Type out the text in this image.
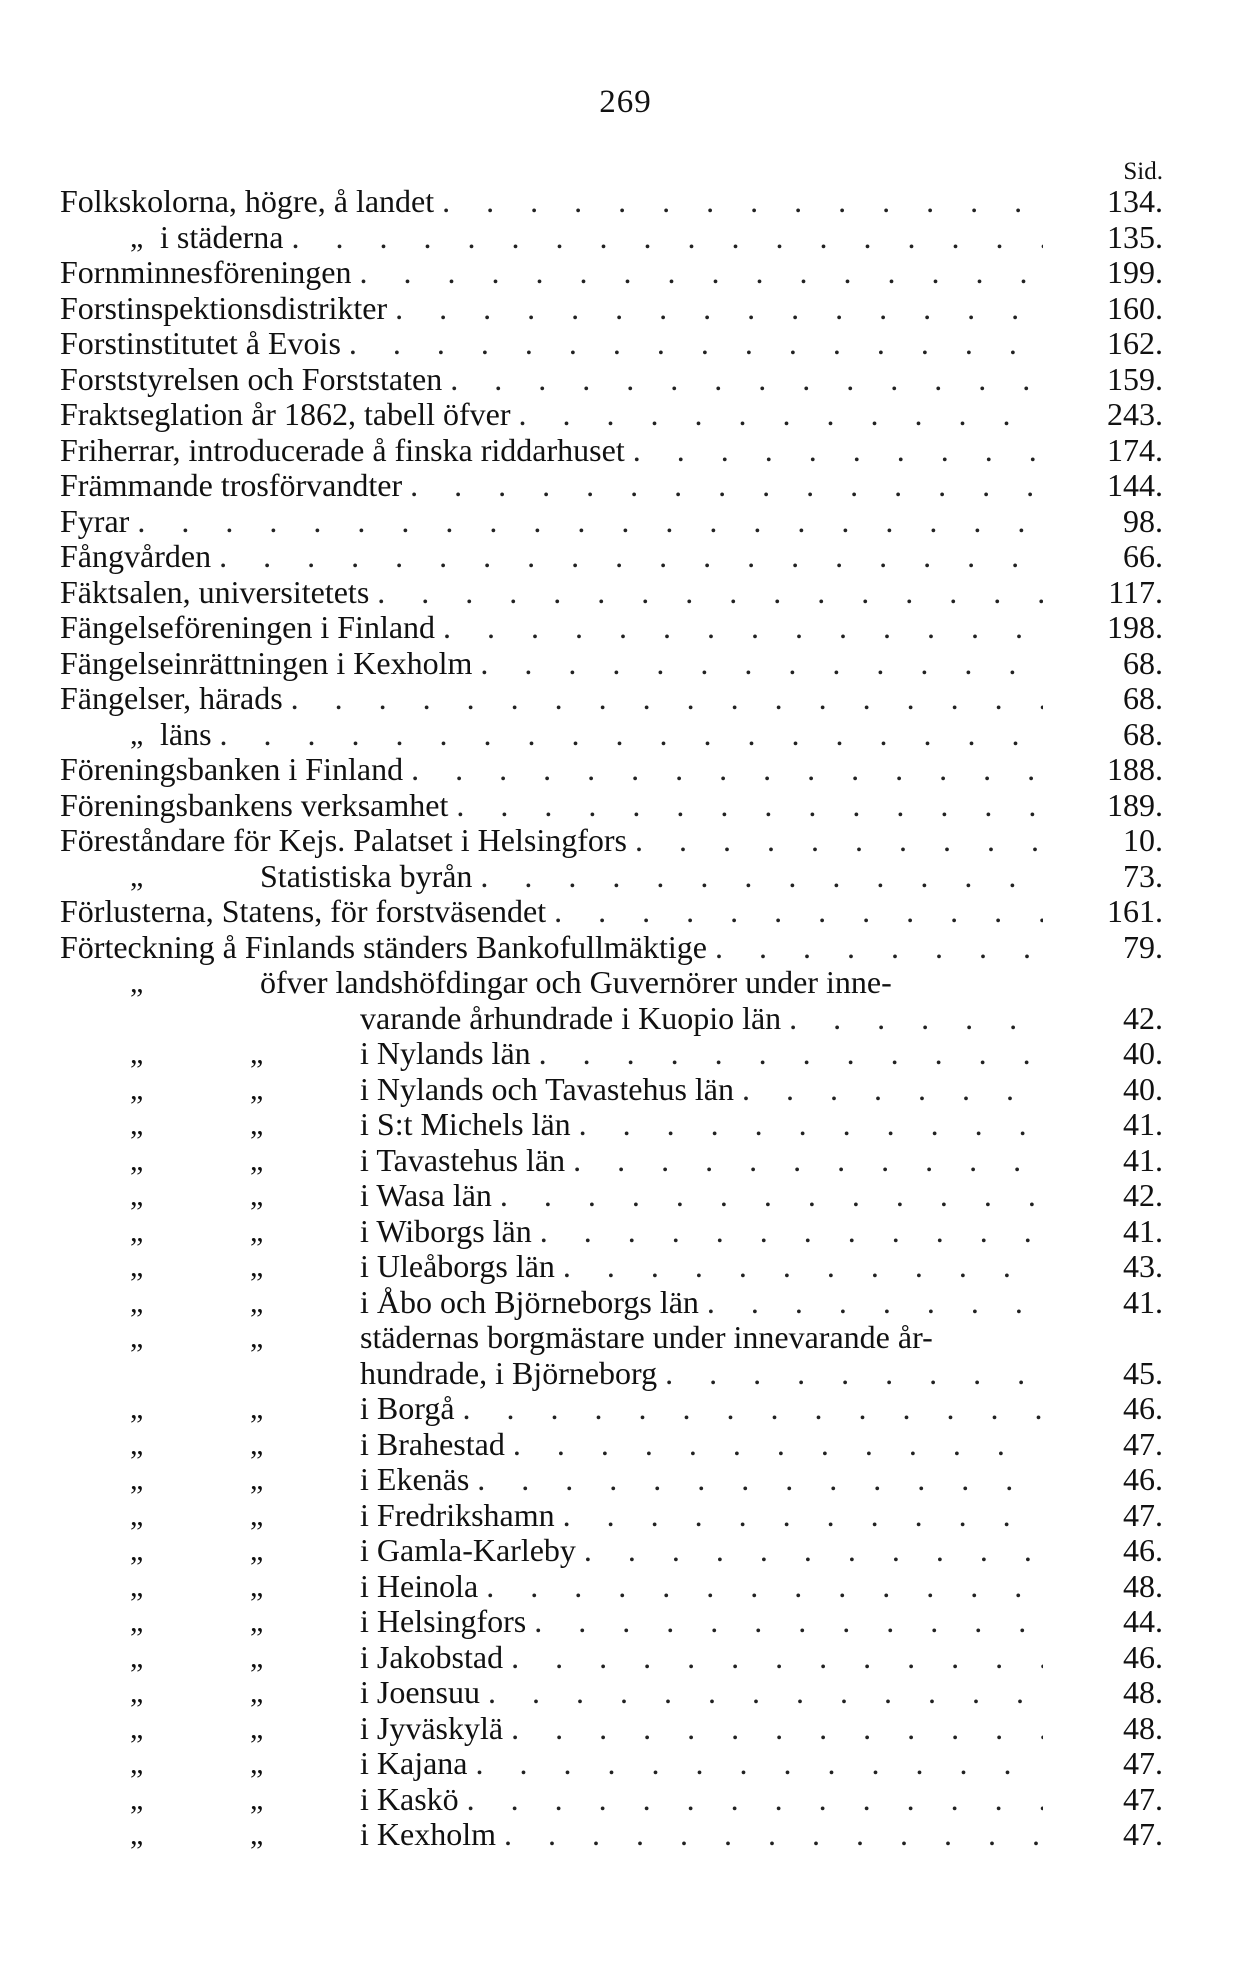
269
Sid.
Folkskolorna, högre, å landet . . .	134.
„ i städerna . . .	135.
Fornminnesföreningen . . .	199.
Forstinspektionsdistrikter . . .	160.
Forstinstitutet å Evois . . .	162.
Forststyrelsen och Forststaten . . .	159.
Fraktseglation år 1862, tabell öfver . . .	243.
Friherrar, introducerade å finska riddarhuset . . .	174.
Främmande trosförvandter . . .	144.
Fyrar . . .	98.
Fångvården . . .	66.
Fäktsalen, universitetets . . .	117.
Fängelseföreningen i Finland . . .	198.
Fängelseinrättningen i Kexholm . . .	68.
Fängelser, härads . . .	68.
„ läns . . .	68.
Föreningsbanken i Finland . . .	188.
Föreningsbankens verksamhet . . .	189.
Föreståndare för Kejs. Palatset i Helsingfors . . .	10.
„	Statistiska byrån . . .	73.
Förlusterna, Statens, för forstväsendet . . .	161.
Förteckning å Finlands ständers Bankofullmäktige . . .	79.
„	öfver landshöfdingar och Guvernörer under inne-
varande århundrade i Kuopio län . . .	42.
„	„	i Nylands län . . .	40.
„	„	i Nylands och Tavastehus län . . .	40.
„	„	i S:t Michels län . . .	41.
„	„	i Tavastehus län . . .	41.
„	„	i Wasa län . . .	42.
„	„	i Wiborgs län . . .	41.
„	„	i Uleåborgs län . . .	43.
„	„	i Åbo och Björneborgs län . . .	41.
„	„	städernas borgmästare under innevarande år-
hundrade, i Björneborg . . .	45.
„	„	i Borgå . . .	46.
„	„	i Brahestad . . .	47.
„	„	i Ekenäs . . .	46.
„	„	i Fredrikshamn . . .	47.
„	„	i Gamla-Karleby . . .	46.
„	„	i Heinola . . .	48.
„	„	i Helsingfors . . .	44.
„	„	i Jakobstad . . .	46.
„	„	i Joensuu . . .	48.
„	„	i Jyväskylä . . .	48.
„	„	i Kajana . . .	47.
„	„	i Kaskö . . .	47.
„	„	i Kexholm . . .	47.
